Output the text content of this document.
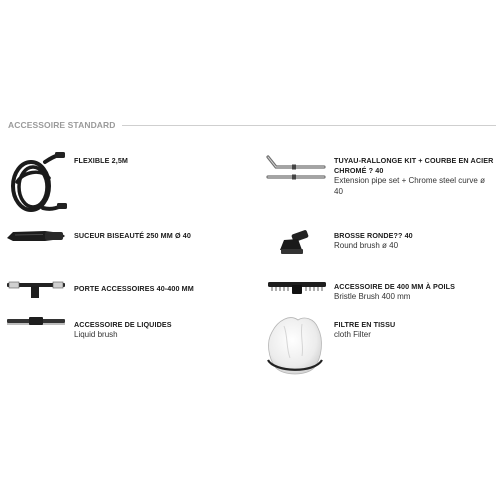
ACCESSOIRE STANDARD
FLEXIBLE 2,5M	TUYAU-RALLONGE KIT + COURBE EN ACIER CHROMÉ ? 40
Extension pipe set + Chrome steel curve ø 40
SUCEUR BISEAUTÉ 250 MM Ø 40	BROSSE RONDE?? 40
Round brush ø 40
PORTE ACCESSOIRES 40-400 MM	ACCESSOIRE DE 400 MM À POILS
Bristle Brush 400 mm
ACCESSOIRE DE LIQUIDES
Liquid brush
FILTRE EN TISSU
cloth Filter
